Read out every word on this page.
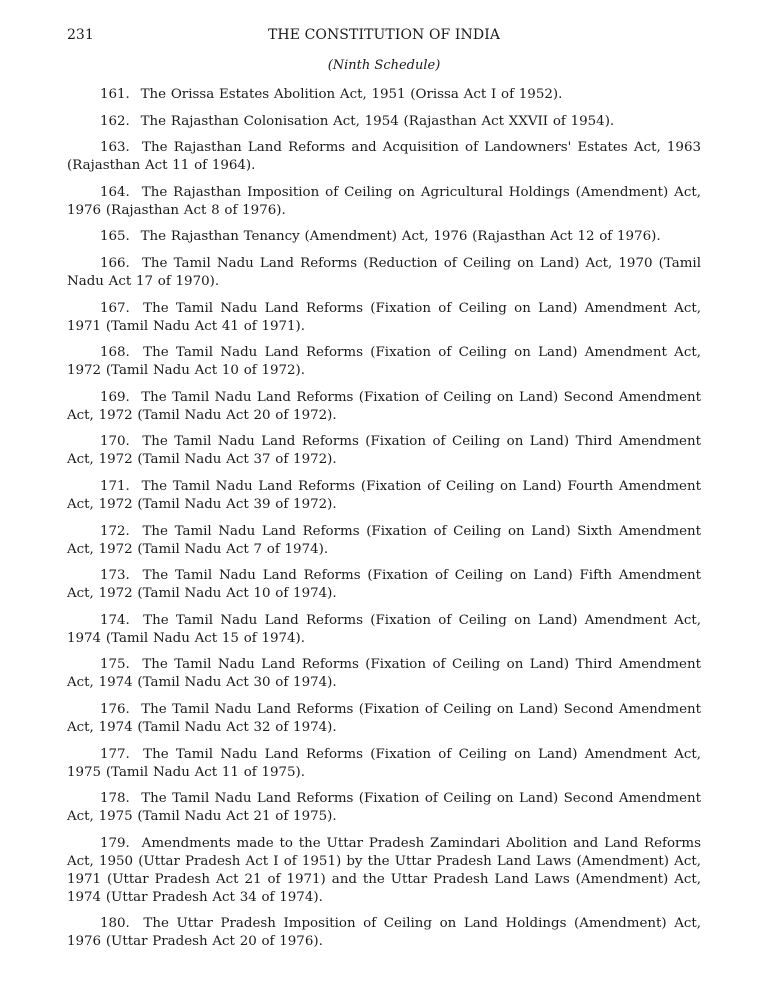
231	THE CONSTITUTION OF INDIA
(Ninth Schedule)

161. The Orissa Estates Abolition Act, 1951 (Orissa Act I of 1952).

162. The Rajasthan Colonisation Act, 1954 (Rajasthan Act XXVII of 1954).

163. The Rajasthan Land Reforms and Acquisition of Landowners' Estates Act, 1963 (Rajasthan Act 11 of 1964).

164. The Rajasthan Imposition of Ceiling on Agricultural Holdings (Amendment) Act, 1976 (Rajasthan Act 8 of 1976).

165. The Rajasthan Tenancy (Amendment) Act, 1976 (Rajasthan Act 12 of 1976).

166. The Tamil Nadu Land Reforms (Reduction of Ceiling on Land) Act, 1970 (Tamil Nadu Act 17 of 1970).

167. The Tamil Nadu Land Reforms (Fixation of Ceiling on Land) Amendment Act, 1971 (Tamil Nadu Act 41 of 1971).

168. The Tamil Nadu Land Reforms (Fixation of Ceiling on Land) Amendment Act, 1972 (Tamil Nadu Act 10 of 1972).

169. The Tamil Nadu Land Reforms (Fixation of Ceiling on Land) Second Amendment Act, 1972 (Tamil Nadu Act 20 of 1972).

170. The Tamil Nadu Land Reforms (Fixation of Ceiling on Land) Third Amendment Act, 1972 (Tamil Nadu Act 37 of 1972).

171. The Tamil Nadu Land Reforms (Fixation of Ceiling on Land) Fourth Amendment Act, 1972 (Tamil Nadu Act 39 of 1972).

172. The Tamil Nadu Land Reforms (Fixation of Ceiling on Land) Sixth Amendment Act, 1972 (Tamil Nadu Act 7 of 1974).

173. The Tamil Nadu Land Reforms (Fixation of Ceiling on Land) Fifth Amendment Act, 1972 (Tamil Nadu Act 10 of 1974).

174. The Tamil Nadu Land Reforms (Fixation of Ceiling on Land) Amendment Act, 1974 (Tamil Nadu Act 15 of 1974).

175. The Tamil Nadu Land Reforms (Fixation of Ceiling on Land) Third Amendment Act, 1974 (Tamil Nadu Act 30 of 1974).

176. The Tamil Nadu Land Reforms (Fixation of Ceiling on Land) Second Amendment Act, 1974 (Tamil Nadu Act 32 of 1974).

177. The Tamil Nadu Land Reforms (Fixation of Ceiling on Land) Amendment Act, 1975 (Tamil Nadu Act 11 of 1975).

178. The Tamil Nadu Land Reforms (Fixation of Ceiling on Land) Second Amendment Act, 1975 (Tamil Nadu Act 21 of 1975).

179. Amendments made to the Uttar Pradesh Zamindari Abolition and Land Reforms Act, 1950 (Uttar Pradesh Act I of 1951) by the Uttar Pradesh Land Laws (Amendment) Act, 1971 (Uttar Pradesh Act 21 of 1971) and the Uttar Pradesh Land Laws (Amendment) Act, 1974 (Uttar Pradesh Act 34 of 1974).

180. The Uttar Pradesh Imposition of Ceiling on Land Holdings (Amendment) Act, 1976 (Uttar Pradesh Act 20 of 1976).
